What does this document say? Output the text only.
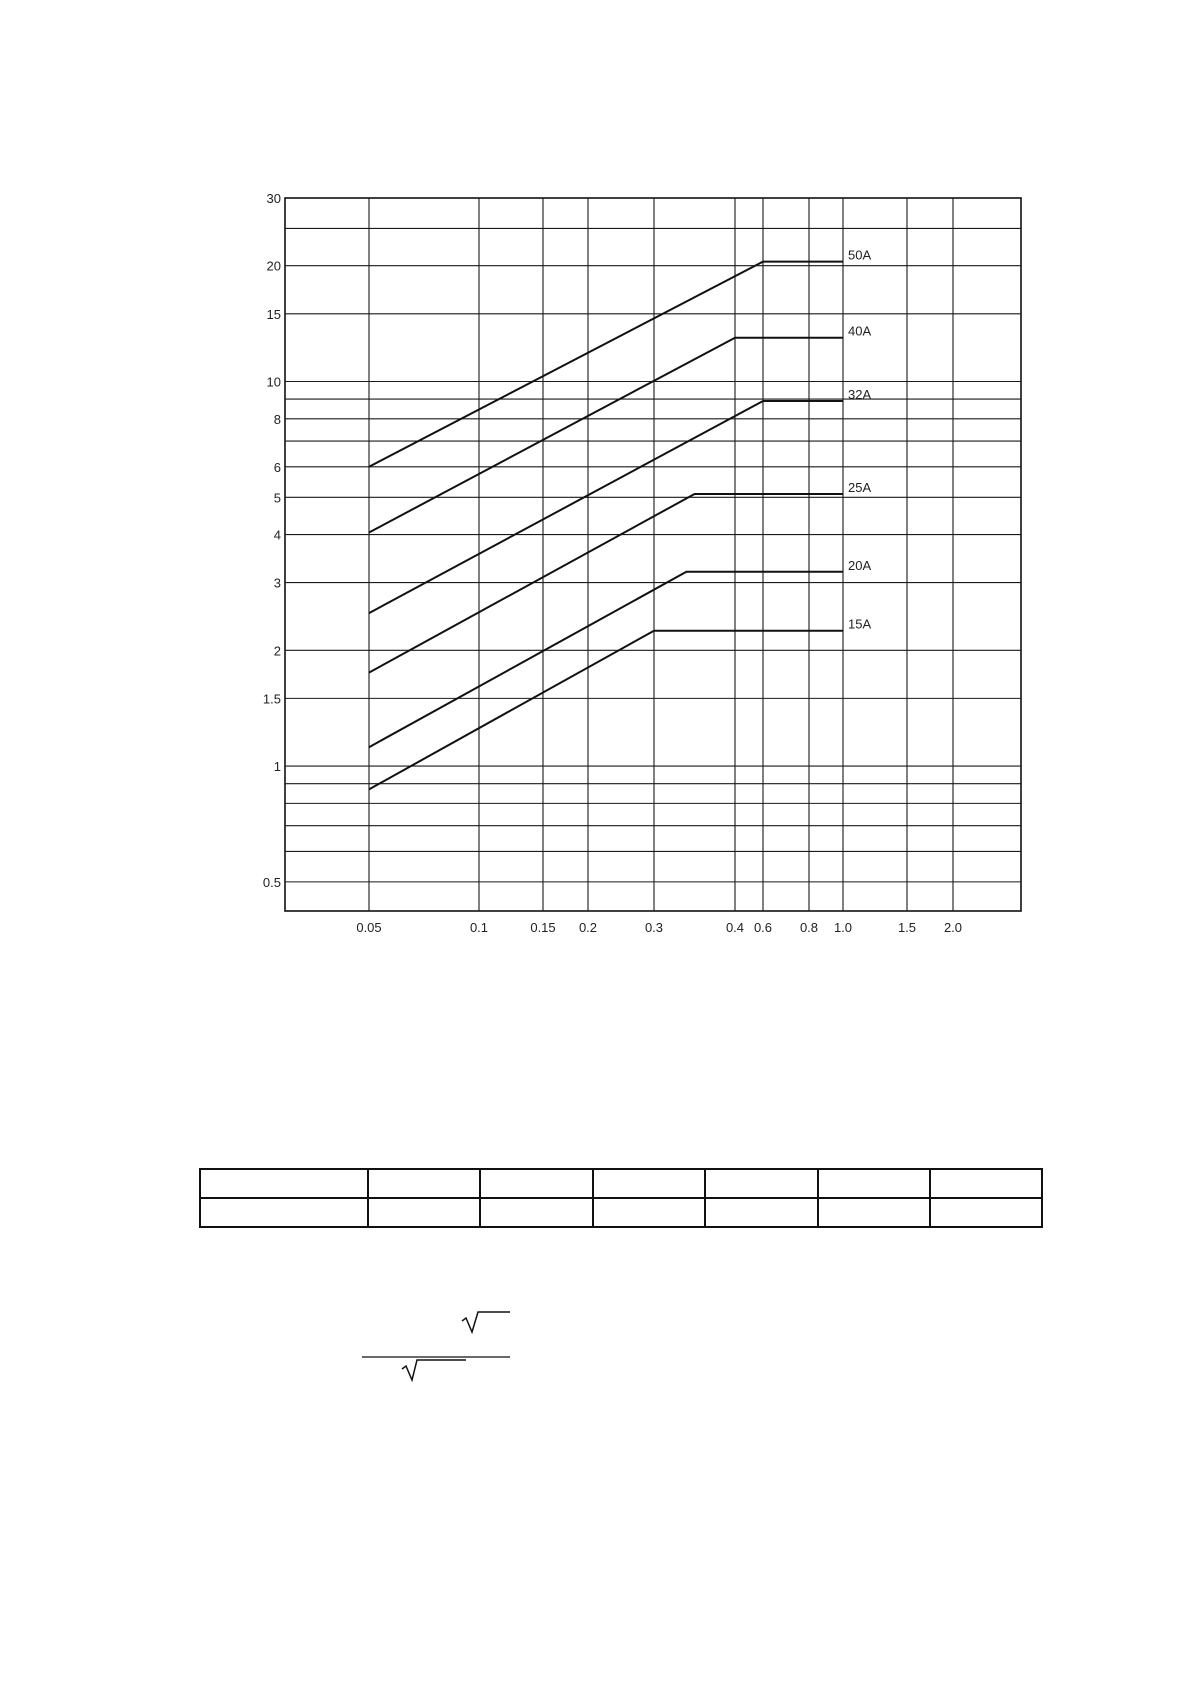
0.05	0.1	0.15 0.2	0.3	0.4 0.6 0.8 1.0	1.5 2.0
0.5
1
1.5
2
3
4
5
6
8
10
15
20
30
50A
40A
32A
25A
20A
15A
